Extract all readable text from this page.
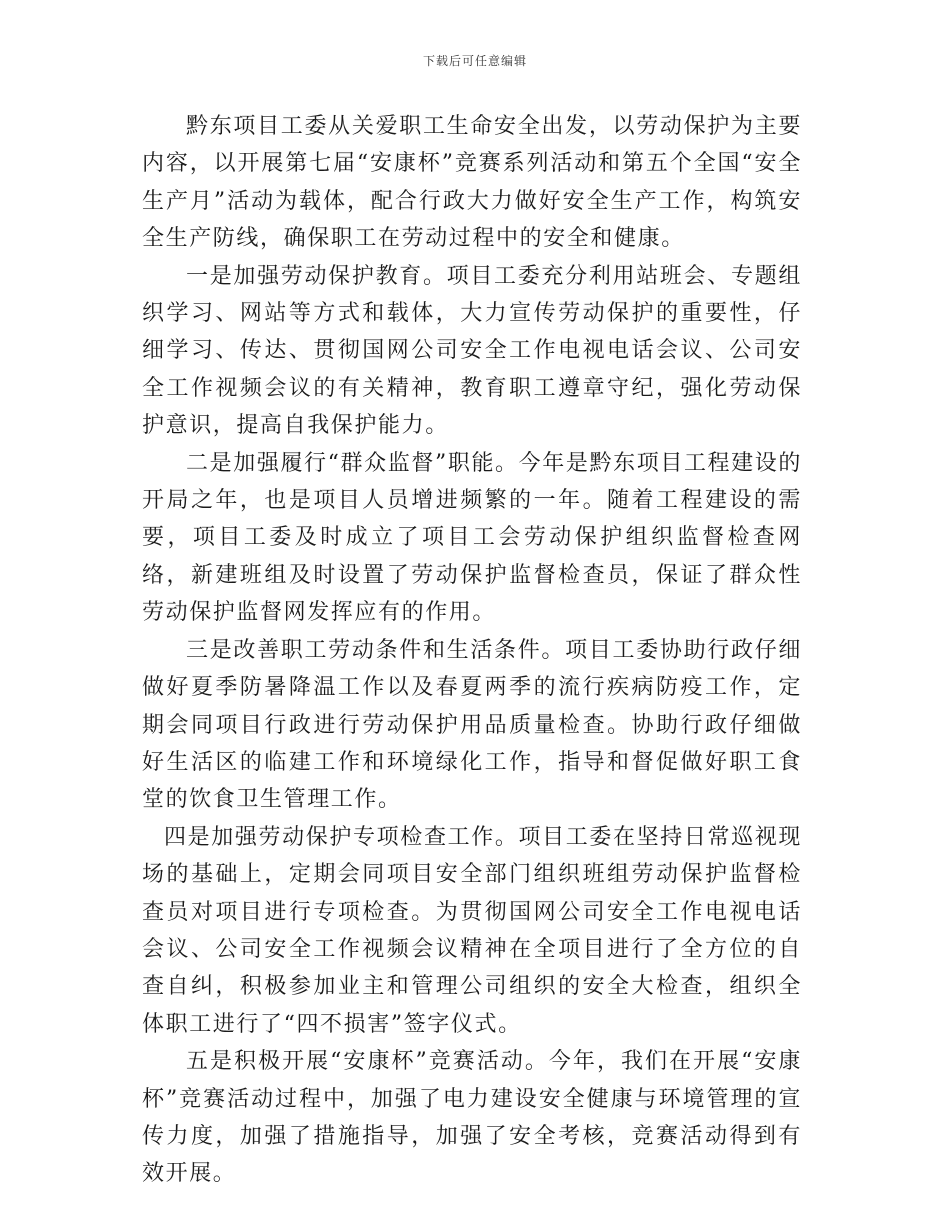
下载后可任意编辑

黔东项目工委从关爱职工生命安全出发，以劳动保护为主要内容，以开展第七届“安康杯”竞赛系列活动和第五个全国“安全生产月”活动为载体，配合行政大力做好安全生产工作，构筑安全生产防线，确保职工在劳动过程中的安全和健康。

一是加强劳动保护教育。项目工委充分利用站班会、专题组织学习、网站等方式和载体，大力宣传劳动保护的重要性，仔细学习、传达、贯彻国网公司安全工作电视电话会议、公司安全工作视频会议的有关精神，教育职工遵章守纪，强化劳动保护意识，提高自我保护能力。

二是加强履行“群众监督”职能。今年是黔东项目工程建设的开局之年，也是项目人员增进频繁的一年。随着工程建设的需要，项目工委及时成立了项目工会劳动保护组织监督检查网络，新建班组及时设置了劳动保护监督检查员，保证了群众性劳动保护监督网发挥应有的作用。

三是改善职工劳动条件和生活条件。项目工委协助行政仔细做好夏季防暑降温工作以及春夏两季的流行疾病防疫工作，定期会同项目行政进行劳动保护用品质量检查。协助行政仔细做好生活区的临建工作和环境绿化工作，指导和督促做好职工食堂的饮食卫生管理工作。

四是加强劳动保护专项检查工作。项目工委在坚持日常巡视现场的基础上，定期会同项目安全部门组织班组劳动保护监督检查员对项目进行专项检查。为贯彻国网公司安全工作电视电话会议、公司安全工作视频会议精神在全项目进行了全方位的自查自纠，积极参加业主和管理公司组织的安全大检查，组织全体职工进行了“四不损害”签字仪式。

五是积极开展“安康杯”竞赛活动。今年，我们在开展“安康杯”竞赛活动过程中，加强了电力建设安全健康与环境管理的宣传力度，加强了措施指导，加强了安全考核，竞赛活动得到有效开展。
